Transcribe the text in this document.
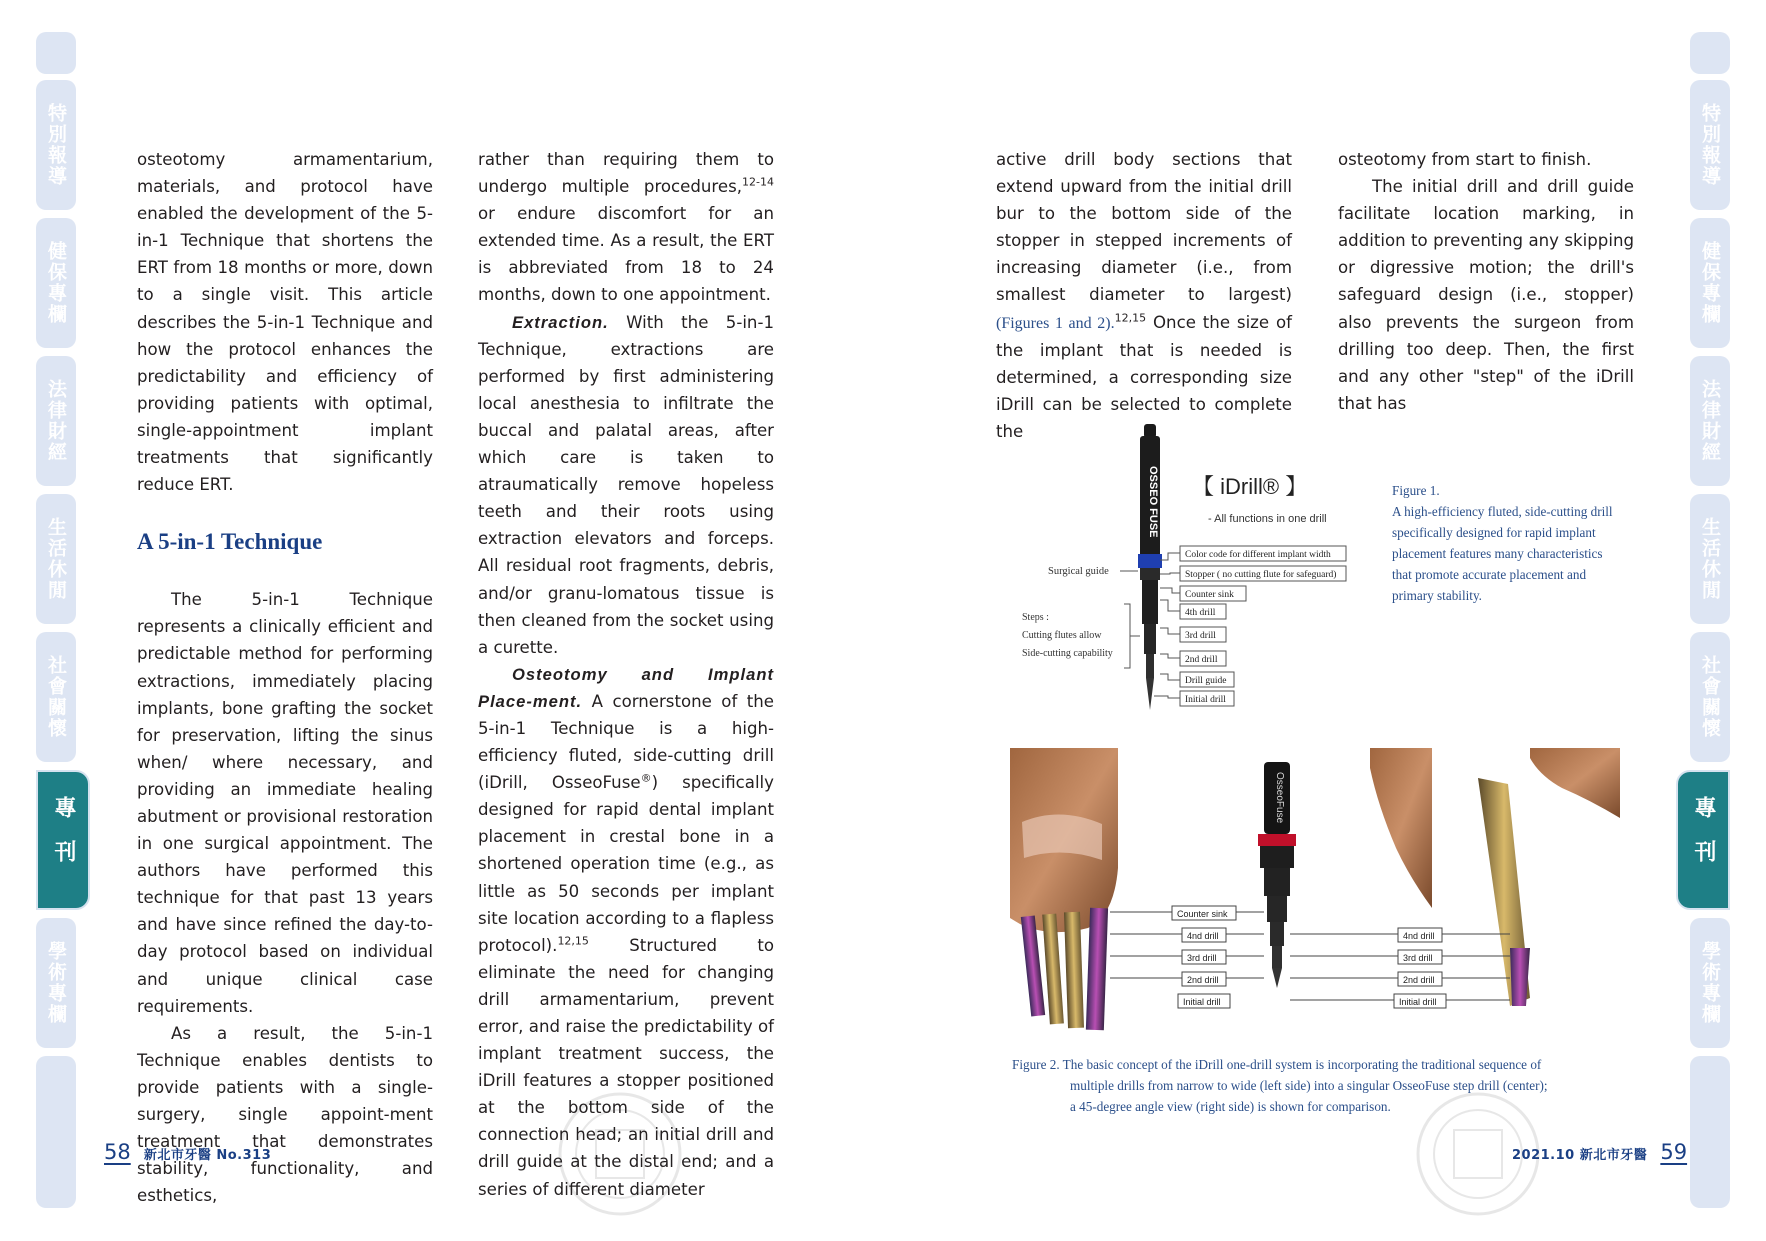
特別報導
健保專欄
法律財經
生活休閒
社會關懷
專刊
學術專欄
特別報導
健保專欄
法律財經
生活休閒
社會關懷
專刊
學術專欄

osteotomy armamentarium, materials, and protocol have enabled the development of the 5-in-1 Technique that shortens the ERT from 18 months or more, down to a single visit. This article describes the 5-in-1 Technique and how the protocol enhances the predictability and efficiency of providing patients with optimal, single-appointment implant treatments that significantly reduce ERT.

A 5-in-1 Technique

The 5-in-1 Technique represents a clinically efficient and predictable method for performing extractions, immediately placing implants, bone grafting the socket for preservation, lifting the sinus when/ where necessary, and providing an immediate healing abutment or provisional restoration in one surgical appointment. The authors have performed this technique for that past 13 years and have since refined the day-to-day protocol based on individual and unique clinical case requirements.

As a result, the 5-in-1 Technique enables dentists to provide patients with a single-surgery, single appoint-ment treatment that demonstrates stability, functionality, and esthetics,

rather than requiring them to undergo multiple procedures,$^{12-14}$ or endure discomfort for an extended time. As a result, the ERT is abbreviated from 18 to 24 months, down to one appointment.

Extraction. With the 5-in-1 Technique, extractions are performed by first administering local anesthesia to infiltrate the buccal and palatal areas, after which care is taken to atraumatically remove hopeless teeth and their roots using extraction elevators and forceps. All residual root fragments, debris, and/or granu-lomatous tissue is then cleaned from the socket using a curette.

Osteotomy and Implant Place-ment. A cornerstone of the 5-in-1 Technique is a high-efficiency fluted, side-cutting drill (iDrill, OsseoFuse®) specifically designed for rapid dental implant placement in crestal bone in a shortened operation time (e.g., as little as 50 seconds per implant site location according to a flapless protocol).$^{12,15}$ Structured to eliminate the need for changing drill armamentarium, prevent error, and raise the predictability of implant treatment success, the iDrill features a stopper positioned at the bottom side of the connection head; an initial drill and drill guide at the distal end; and a series of different diameter

active drill body sections that extend upward from the initial drill bur to the bottom side of the stopper in stepped increments of increasing diameter (i.e., from smallest diameter to largest) (Figures 1 and 2).$^{12,15}$ Once the size of the implant that is needed is determined, a corresponding size iDrill can be selected to complete the

osteotomy from start to finish.

The initial drill and drill guide facilitate location marking, in addition to preventing any skipping or digressive motion; the drill's safeguard design (i.e., stopper) also prevents the surgeon from drilling too deep. Then, the first and any other "step" of the iDrill that has

OSSEO FUSE 【 iDrill® 】
- All functions in one drill
Surgical guide
Steps :
Cutting flutes allow
Side-cutting capability
Color code for different implant width
Stopper ( no cutting flute for safeguard)
Counter sink
4th drill
3rd drill
2nd drill
Drill guide
Initial drill
Figure 1.
A high-efficiency fluted, side-cutting drill specifically designed for rapid implant placement features many characteristics that promote accurate placement and primary stability.
OsseoFuse
Counter sink
4nd drill
3rd drill
2nd drill
Initial drill
4nd drill
3rd drill
2nd drill
Initial drill
Figure 2. The basic concept of the iDrill one-drill system is incorporating the traditional sequence of
multiple drills from narrow to wide (left side) into a singular OsseoFuse step drill (center);
a 45-degree angle view (right side) is shown for comparison.
58 新北市牙醫 No.313	2021.10 新北市牙醫 59
